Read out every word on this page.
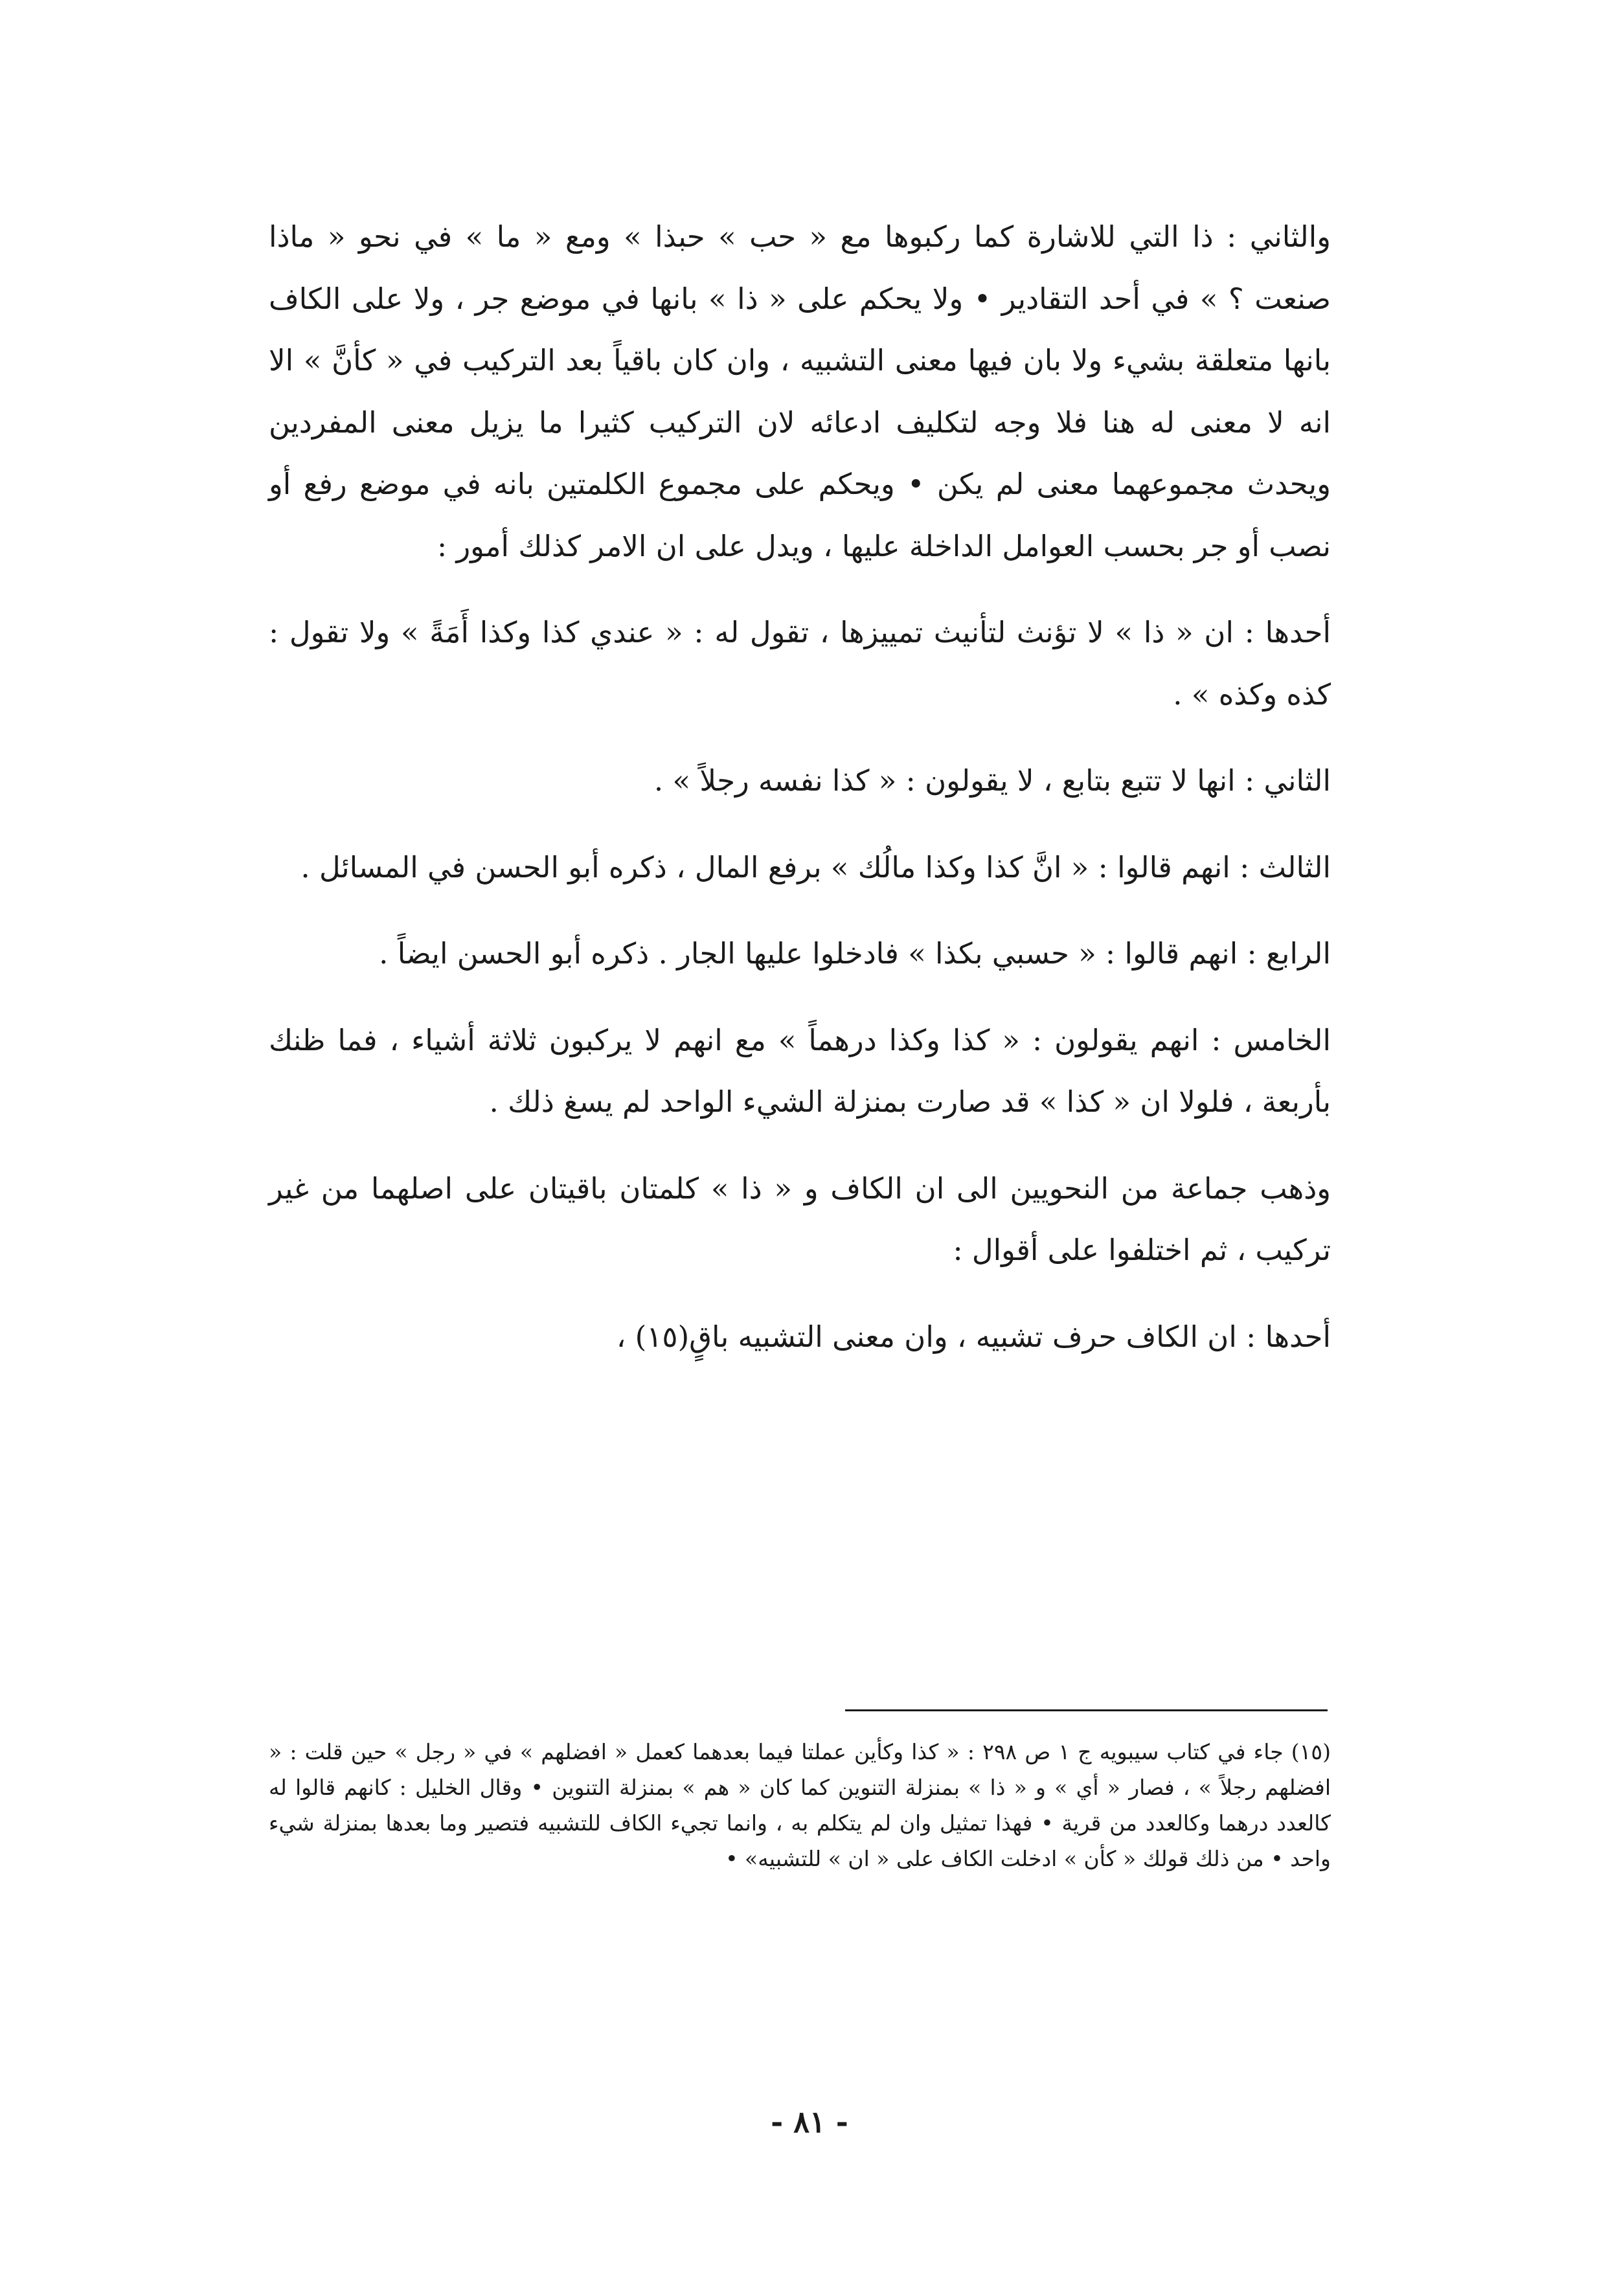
والثاني : ذا التي للاشارة كما ركبوها مع « حب » حبذا » ومع « ما » في نحو « ماذا صنعت ؟ » في أحد التقادير • ولا يحكم على « ذا » بانها في موضع جر ، ولا على الكاف بانها متعلقة بشيء ولا بان فيها معنى التشبيه ، وان كان باقياً بعد التركيب في « كأنَّ » الا انه لا معنى له هنا فلا وجه لتكليف ادعائه لان التركيب كثيرا ما يزيل معنى المفردين ويحدث مجموعهما معنى لم يكن • ويحكم على مجموع الكلمتين بانه في موضع رفع أو نصب أو جر بحسب العوامل الداخلة عليها ، ويدل على ان الامر كذلك أمور :

أحدها : ان « ذا » لا تؤنث لتأنيث تمييزها ، تقول له : « عندي كذا وكذا أَمَةً » ولا تقول : كذه وكذه » .

الثاني : انها لا تتبع بتابع ، لا يقولون : « كذا نفسه رجلاً » .

الثالث : انهم قالوا : « انَّ كذا وكذا مالُك » برفع المال ، ذكره أبو الحسن في المسائل .

الرابع : انهم قالوا : « حسبي بكذا » فادخلوا عليها الجار . ذكره أبو الحسن ايضاً .

الخامس : انهم يقولون : « كذا وكذا درهماً » مع انهم لا يركبون ثلاثة أشياء ، فما ظنك بأربعة ، فلولا ان « كذا » قد صارت بمنزلة الشيء الواحد لم يسغ ذلك .

وذهب جماعة من النحويين الى ان الكاف و « ذا » كلمتان باقيتان على اصلهما من غير تركيب ، ثم اختلفوا على أقوال :

أحدها : ان الكاف حرف تشبيه ، وان معنى التشبيه باقٍ(١٥) ،

(١٥) جاء في كتاب سيبويه ج ١ ص ٢٩٨ : « كذا وكأين عملتا فيما بعدهما كعمل « افضلهم » في « رجل » حين قلت : « افضلهم رجلاً » ، فصار « أي » و « ذا » بمنزلة التنوين كما كان « هم » بمنزلة التنوين • وقال الخليل : كانهم قالوا له كالعدد درهما وكالعدد من قرية • فهذا تمثيل وان لم يتكلم به ، وانما تجيء الكاف للتشبيه فتصير وما بعدها بمنزلة شيء واحد • من ذلك قولك « كأن » ادخلت الكاف على « ان » للتشبيه» •

- ٨١ -
